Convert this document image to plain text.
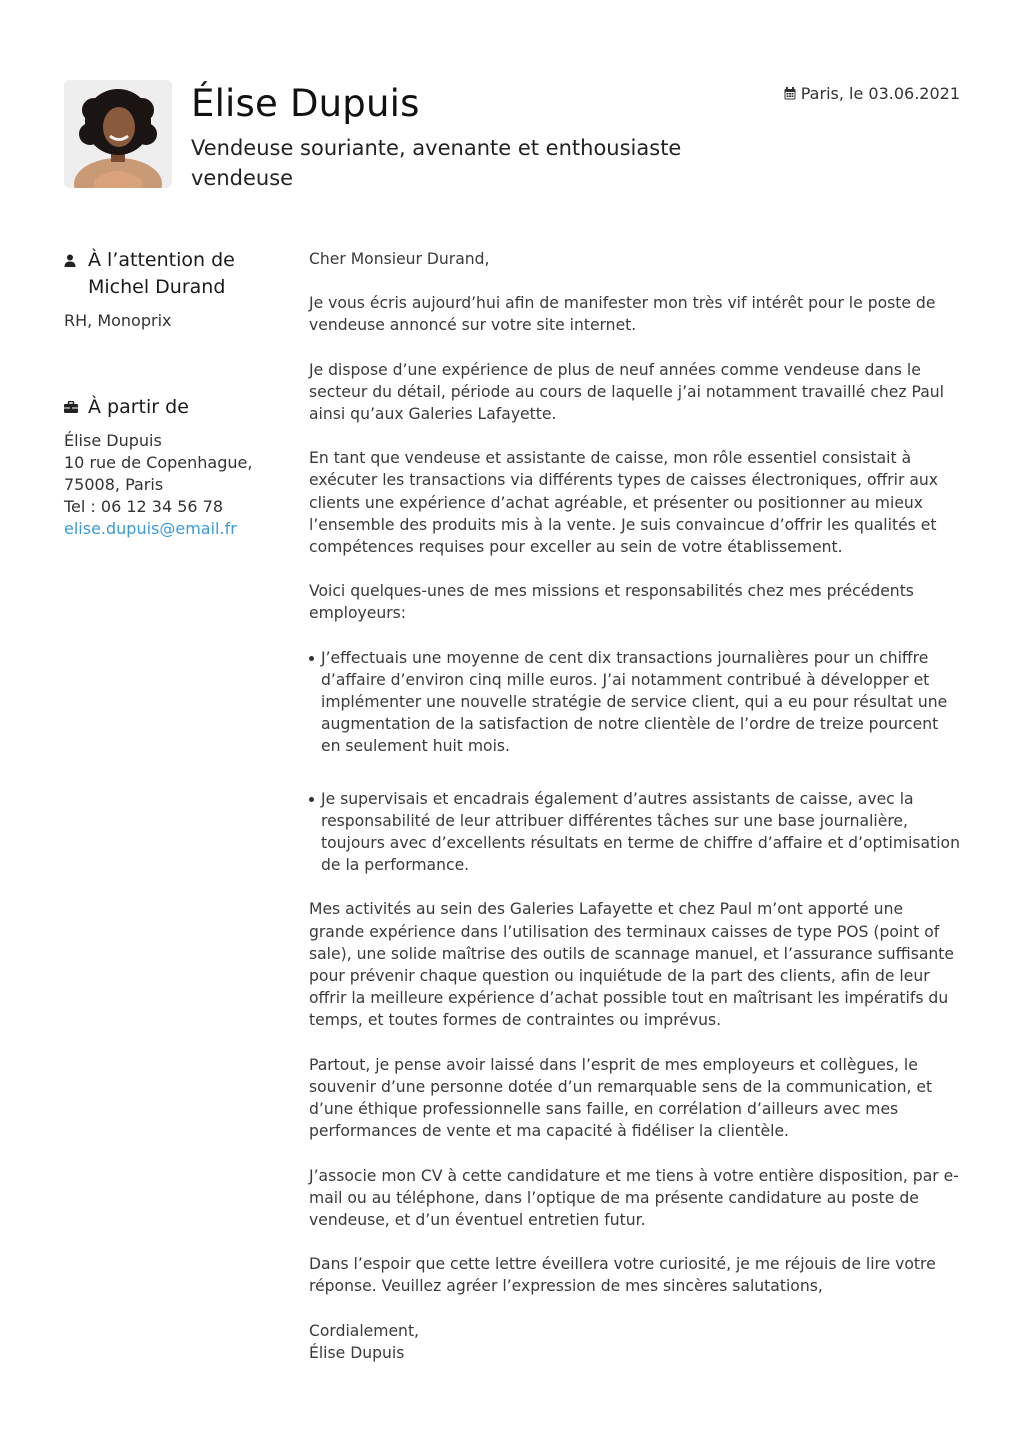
Élise Dupuis
Vendeuse souriante, avenante et enthousiaste vendeuse
Paris, le 03.06.2021
À l’attention de Michel Durand
RH, Monoprix
À partir de
Élise Dupuis
10 rue de Copenhague,
75008, Paris
Tel : 06 12 34 56 78
elise.dupuis@email.fr

Cher Monsieur Durand,

Je vous écris aujourd’hui afin de manifester mon très vif intérêt pour le poste de vendeuse annoncé sur votre site internet.

Je dispose d’une expérience de plus de neuf années comme vendeuse dans le secteur du détail, période au cours de laquelle j’ai notamment travaillé chez Paul ainsi qu’aux Galeries Lafayette.

En tant que vendeuse et assistante de caisse, mon rôle essentiel consistait à exécuter les transactions via différents types de caisses électroniques, offrir aux clients une expérience d’achat agréable, et présenter ou positionner au mieux l’ensemble des produits mis à la vente. Je suis convaincue d’offrir les qualités et compétences requises pour exceller au sein de votre établissement.

Voici quelques-unes de mes missions et responsabilités chez mes précédents employeurs:

J’effectuais une moyenne de cent dix transactions journalières pour un chiffre d’affaire d’environ cinq mille euros. J’ai notamment contribué à développer et implémenter une nouvelle stratégie de service client, qui a eu pour résultat une augmentation de la satisfaction de notre clientèle de l’ordre de treize pourcent en seulement huit mois.
Je supervisais et encadrais également d’autres assistants de caisse, avec la responsabilité de leur attribuer différentes tâches sur une base journalière, toujours avec d’excellents résultats en terme de chiffre d’affaire et d’optimisation de la performance.

Mes activités au sein des Galeries Lafayette et chez Paul m’ont apporté une grande expérience dans l’utilisation des terminaux caisses de type POS (point of sale), une solide maîtrise des outils de scannage manuel, et l’assurance suffisante pour prévenir chaque question ou inquiétude de la part des clients, afin de leur offrir la meilleure expérience d’achat possible tout en maîtrisant les impératifs du temps, et toutes formes de contraintes ou imprévus.

Partout, je pense avoir laissé dans l’esprit de mes employeurs et collègues, le souvenir d’une personne dotée d’un remarquable sens de la communication, et d’une éthique professionnelle sans faille, en corrélation d’ailleurs avec mes performances de vente et ma capacité à fidéliser la clientèle.

J’associe mon CV à cette candidature et me tiens à votre entière disposition, par e-mail ou au téléphone, dans l’optique de ma présente candidature au poste de vendeuse, et d’un éventuel entretien futur.

Dans l’espoir que cette lettre éveillera votre curiosité, je me réjouis de lire votre réponse. Veuillez agréer l’expression de mes sincères salutations,

Cordialement,
Élise Dupuis
